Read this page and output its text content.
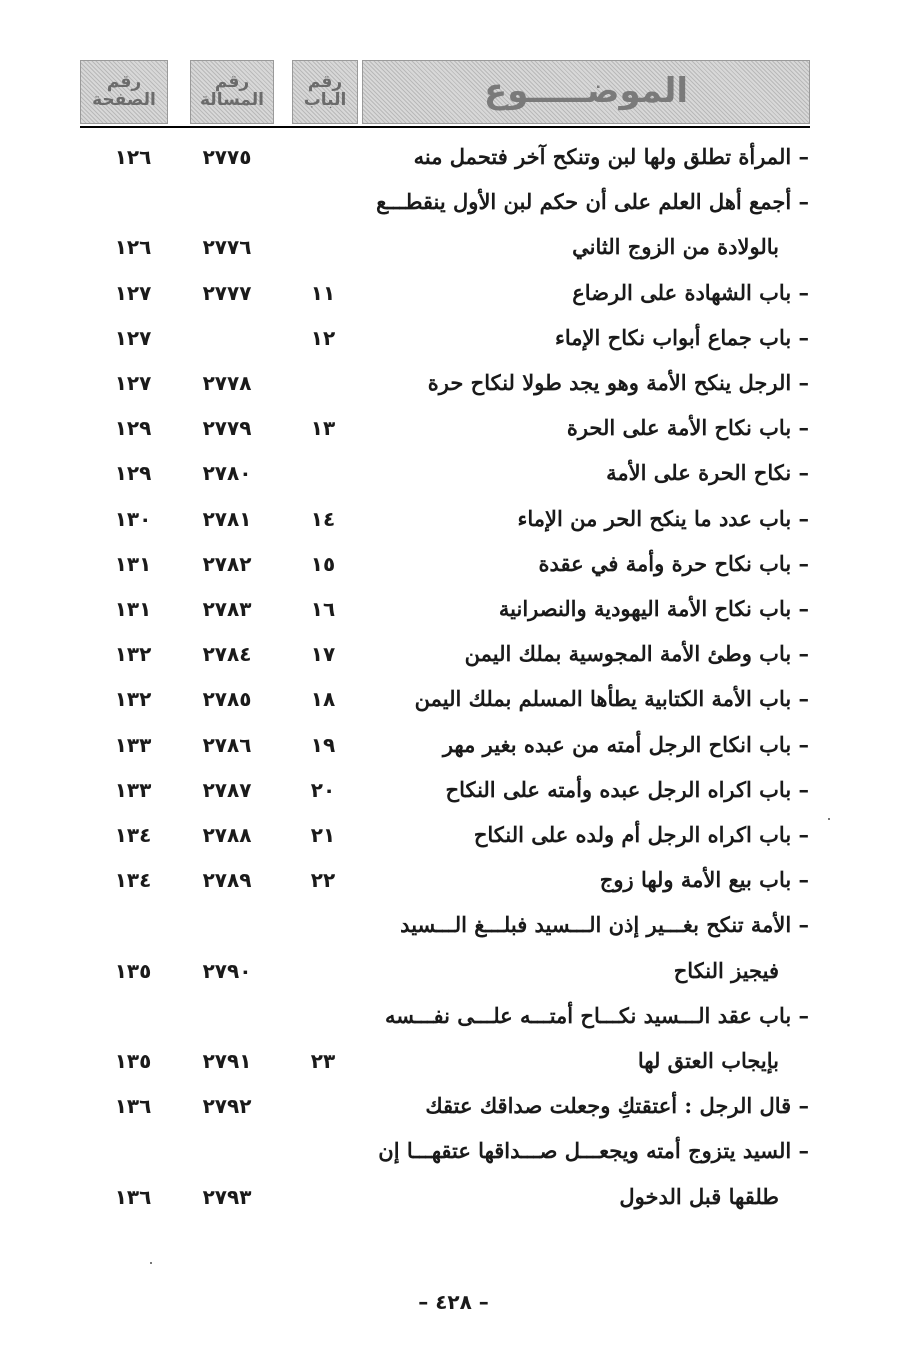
رقم
الصفحة
رقم
المسالة
رقم
الباب	الموضـــــوع
– المرأة تطلق ولها لبن وتنكح آخر فتحمل منه
٢٧٧٥
١٢٦
– أجمع أهل العلم على أن حكم لبن الأول ينقطـــع
بالولادة من الزوج الثاني
٢٧٧٦
١٢٦
– باب الشهادة على الرضاع
١١
٢٧٧٧
١٢٧
– باب جماع أبواب نكاح الإماء
١٢
١٢٧
– الرجل ينكح الأمة وهو يجد طولا لنكاح حرة
٢٧٧٨
١٢٧
– باب نكاح الأمة على الحرة
١٣
٢٧٧٩
١٢٩
– نكاح الحرة على الأمة
٢٧٨٠
١٢٩
– باب عدد ما ينكح الحر من الإماء
١٤
٢٧٨١
١٣٠
– باب نكاح حرة وأمة في عقدة
١٥
٢٧٨٢
١٣١
– باب نكاح الأمة اليهودية والنصرانية
١٦
٢٧٨٣
١٣١
– باب وطئ الأمة المجوسية بملك اليمن
١٧
٢٧٨٤
١٣٢
– باب الأمة الكتابية يطأها المسلم بملك اليمن
١٨
٢٧٨٥
١٣٢
– باب انكاح الرجل أمته من عبده بغير مهر
١٩
٢٧٨٦
١٣٣
– باب اكراه الرجل عبده وأمته على النكاح
٢٠
٢٧٨٧
١٣٣
– باب اكراه الرجل أم ولده على النكاح
٢١
٢٧٨٨
١٣٤
– باب بيع الأمة ولها زوج
٢٢
٢٧٨٩
١٣٤
– الأمة تنكح بغـــير إذن الـــسيد فبلـــغ الـــسيد
فيجيز النكاح
٢٧٩٠
١٣٥
– باب عقد الـــسيد نكـــاح أمتـــه علـــى نفـــسه
بإيجاب العتق لها
٢٣
٢٧٩١
١٣٥
– قال الرجل : أعتقتكِ وجعلت صداقك عتقك
٢٧٩٢
١٣٦
– السيد يتزوج أمته ويجعـــل صـــداقها عتقهـــا إن
طلقها قبل الدخول
٢٧٩٣
١٣٦
– ٤٢٨ –
